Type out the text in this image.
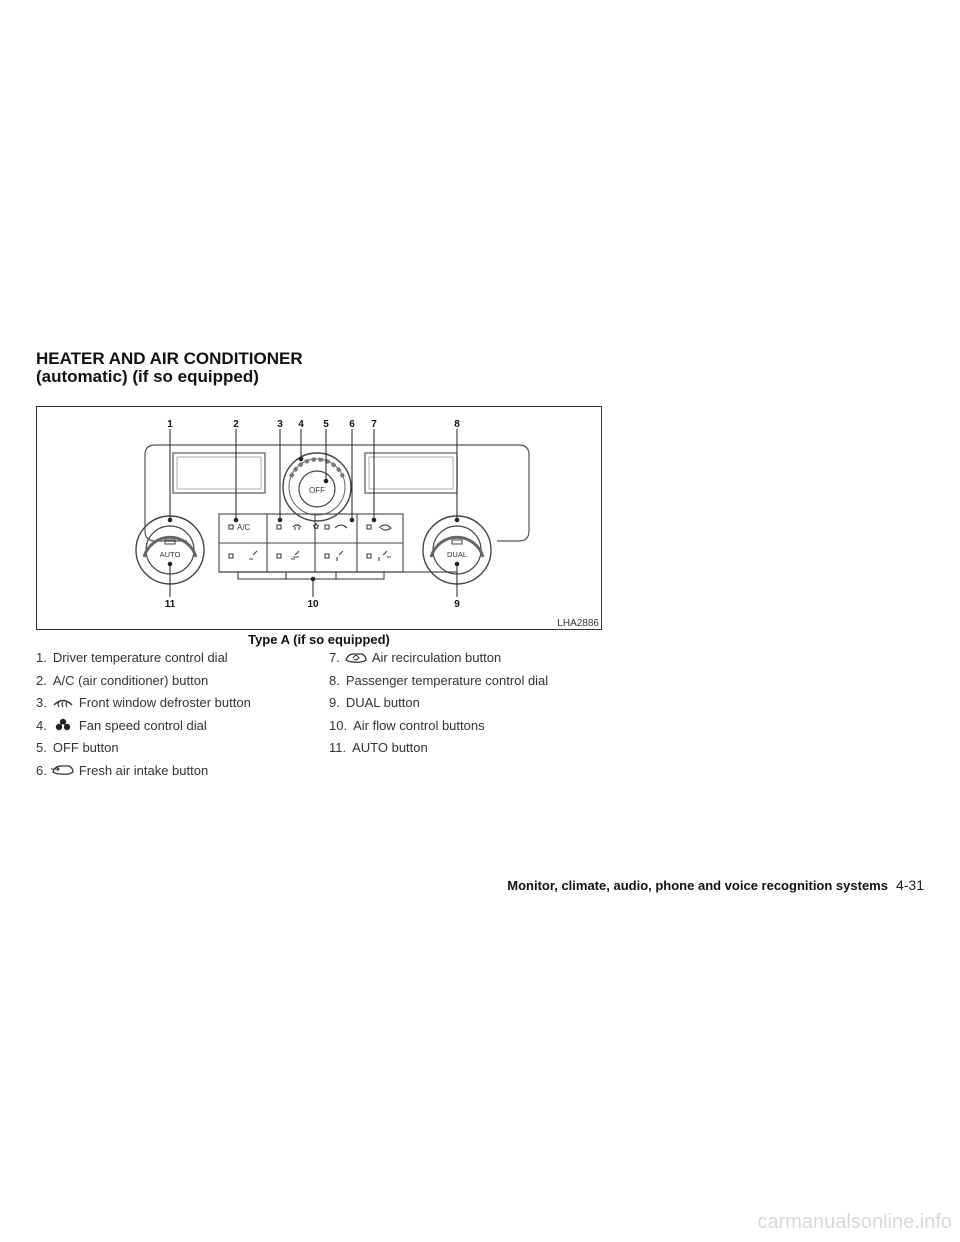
HEATER AND AIR CONDITIONER
(automatic) (if so equipped)
OFF
✿
AUTO	DUAL
A/C
1	2	3 4 5 6 7	8
9
10
11
LHA2886
Type A (if so equipped)
1. Driver temperature control dial
2. A/C (air conditioner) button
3. Front window defroster button
4. Fan speed control dial
5. OFF button
6. Fresh air intake button
7. Air recirculation button
8. Passenger temperature control dial
9. DUAL button
10. Air flow control buttons
11. AUTO button
Monitor, climate, audio, phone and voice recognition systems 4-31
carmanualsonline.info
